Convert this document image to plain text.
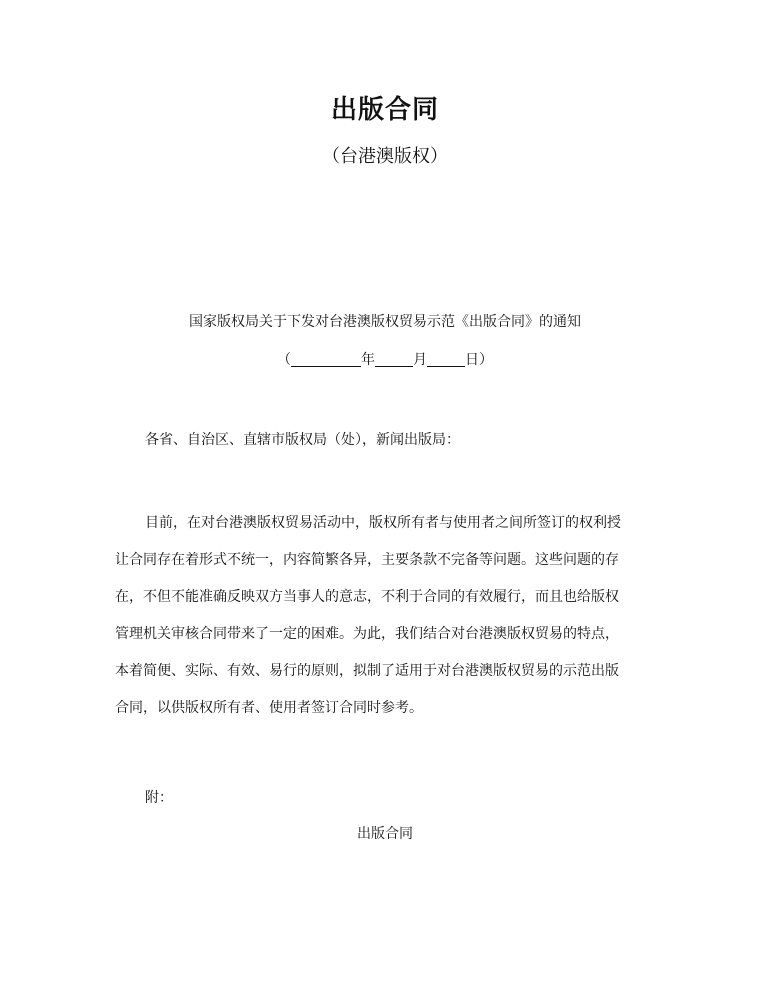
出版合同
（台港澳版权）
国家版权局关于下发对台港澳版权贸易示范《出版合同》的通知
（	年	月	日）
各省、自治区、直辖市版权局（处），新闻出版局：
目前，在对台港澳版权贸易活动中，版权所有者与使用者之间所签订的权利授
让合同存在着形式不统一，内容简繁各异，主要条款不完备等问题。这些问题的存
在，不但不能准确反映双方当事人的意志，不利于合同的有效履行，而且也给版权
管理机关审核合同带来了一定的困难。为此，我们结合对台港澳版权贸易的特点，
本着简便、实际、有效、易行的原则，拟制了适用于对台港澳版权贸易的示范出版
合同，以供版权所有者、使用者签订合同时参考。
附：
出版合同
